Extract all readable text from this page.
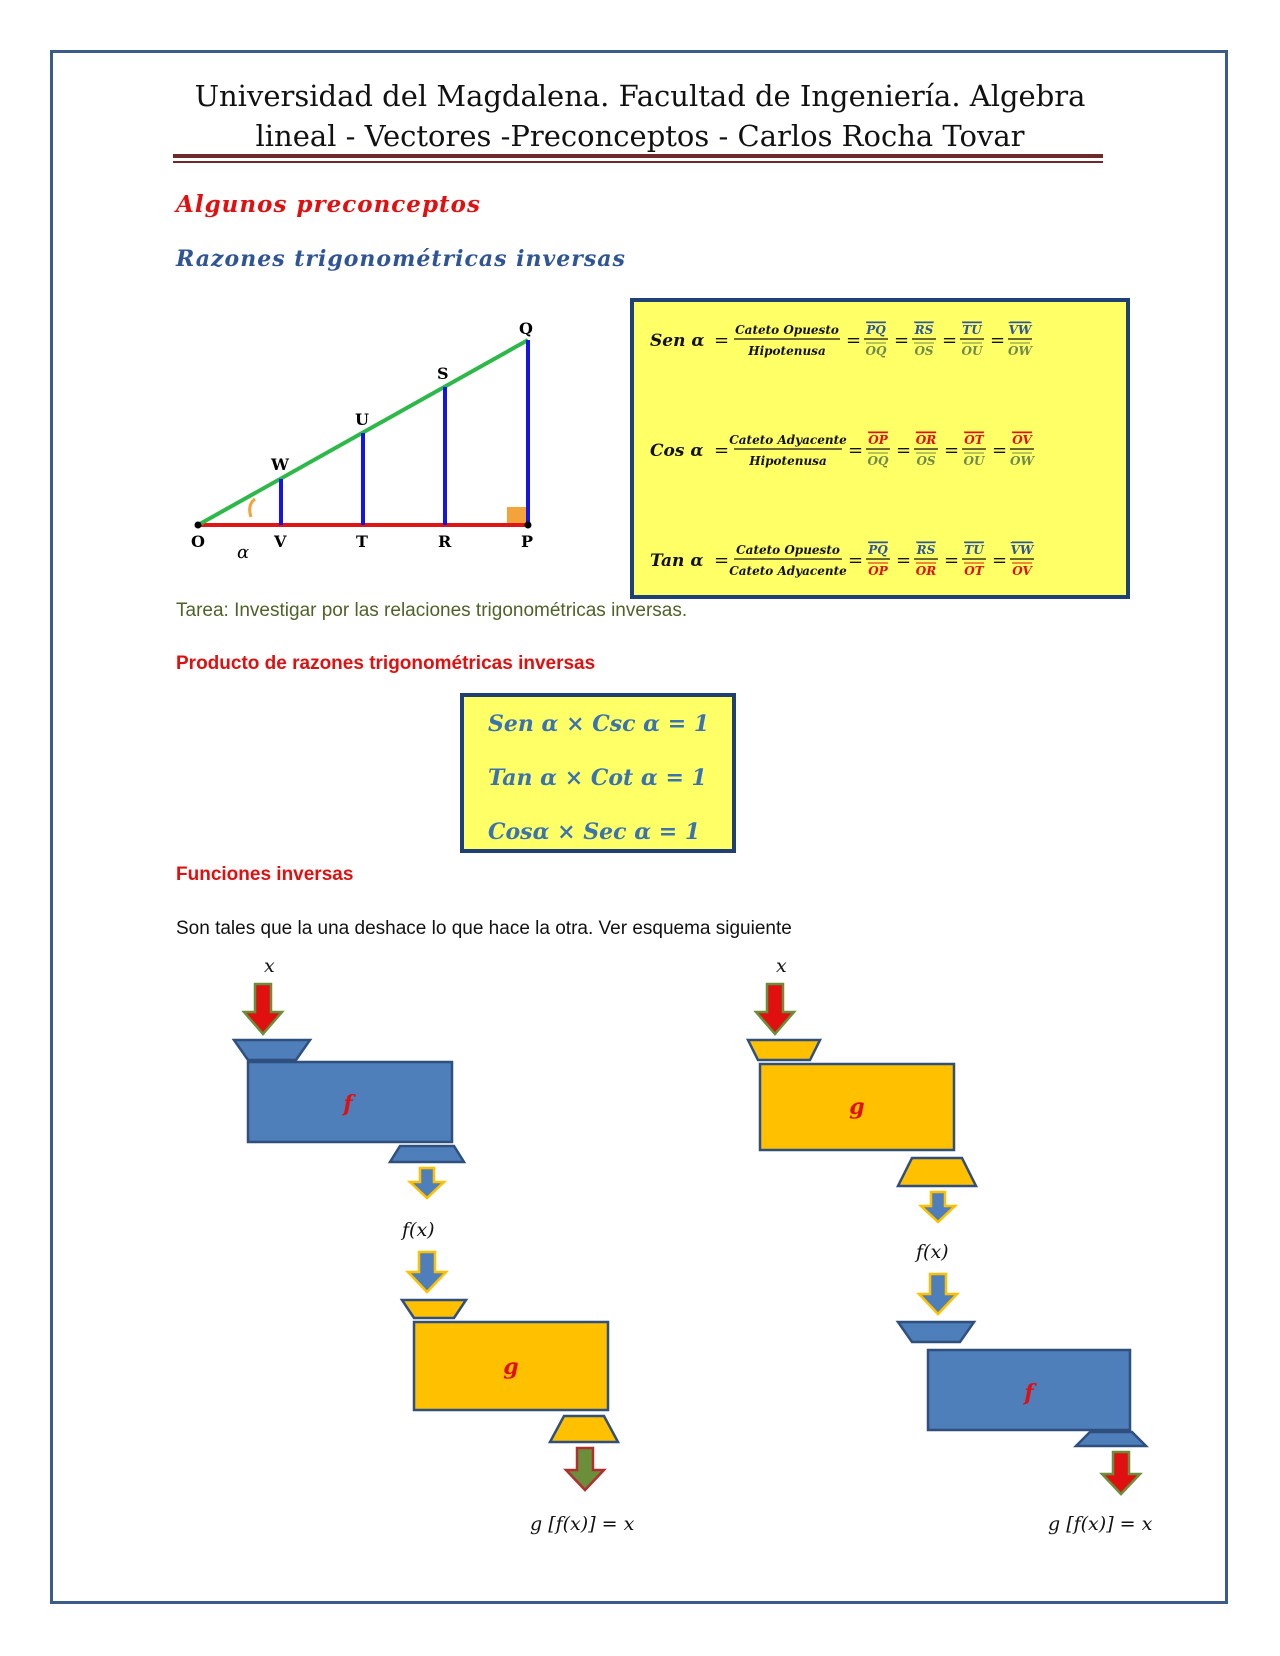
Universidad del Magdalena. Facultad de Ingeniería. Algebra
lineal - Vectores -Preconceptos - Carlos Rocha Tovar
Algunos preconceptos
Razones trigonométricas inversas
O	V	T	R	P
W
U
S
Q
α
Sen α = Cateto Opuesto
Hipotenusa = PQ
OQ = RS
OS = TU
OU = VW
OW
Cos α = Cateto Adyacente
Hipotenusa = OP
OQ = OR
OS = OT
OU = OV
OW
Tan α = Cateto Opuesto
Cateto Adyacente = PQ
OP = RS
OR = TU
OT = VW
OV
Tarea: Investigar por las relaciones trigonométricas inversas.
Producto de razones trigonométricas inversas
Sen α × Csc α = 1
Tan α × Cot α = 1
Cosα × Sec α = 1
Funciones inversas
Son tales que la una deshace lo que hace la otra. Ver esquema siguiente
x
f
f(x)
g
g [f(x)] = x
x
g
f(x)
f
g [f(x)] = x
